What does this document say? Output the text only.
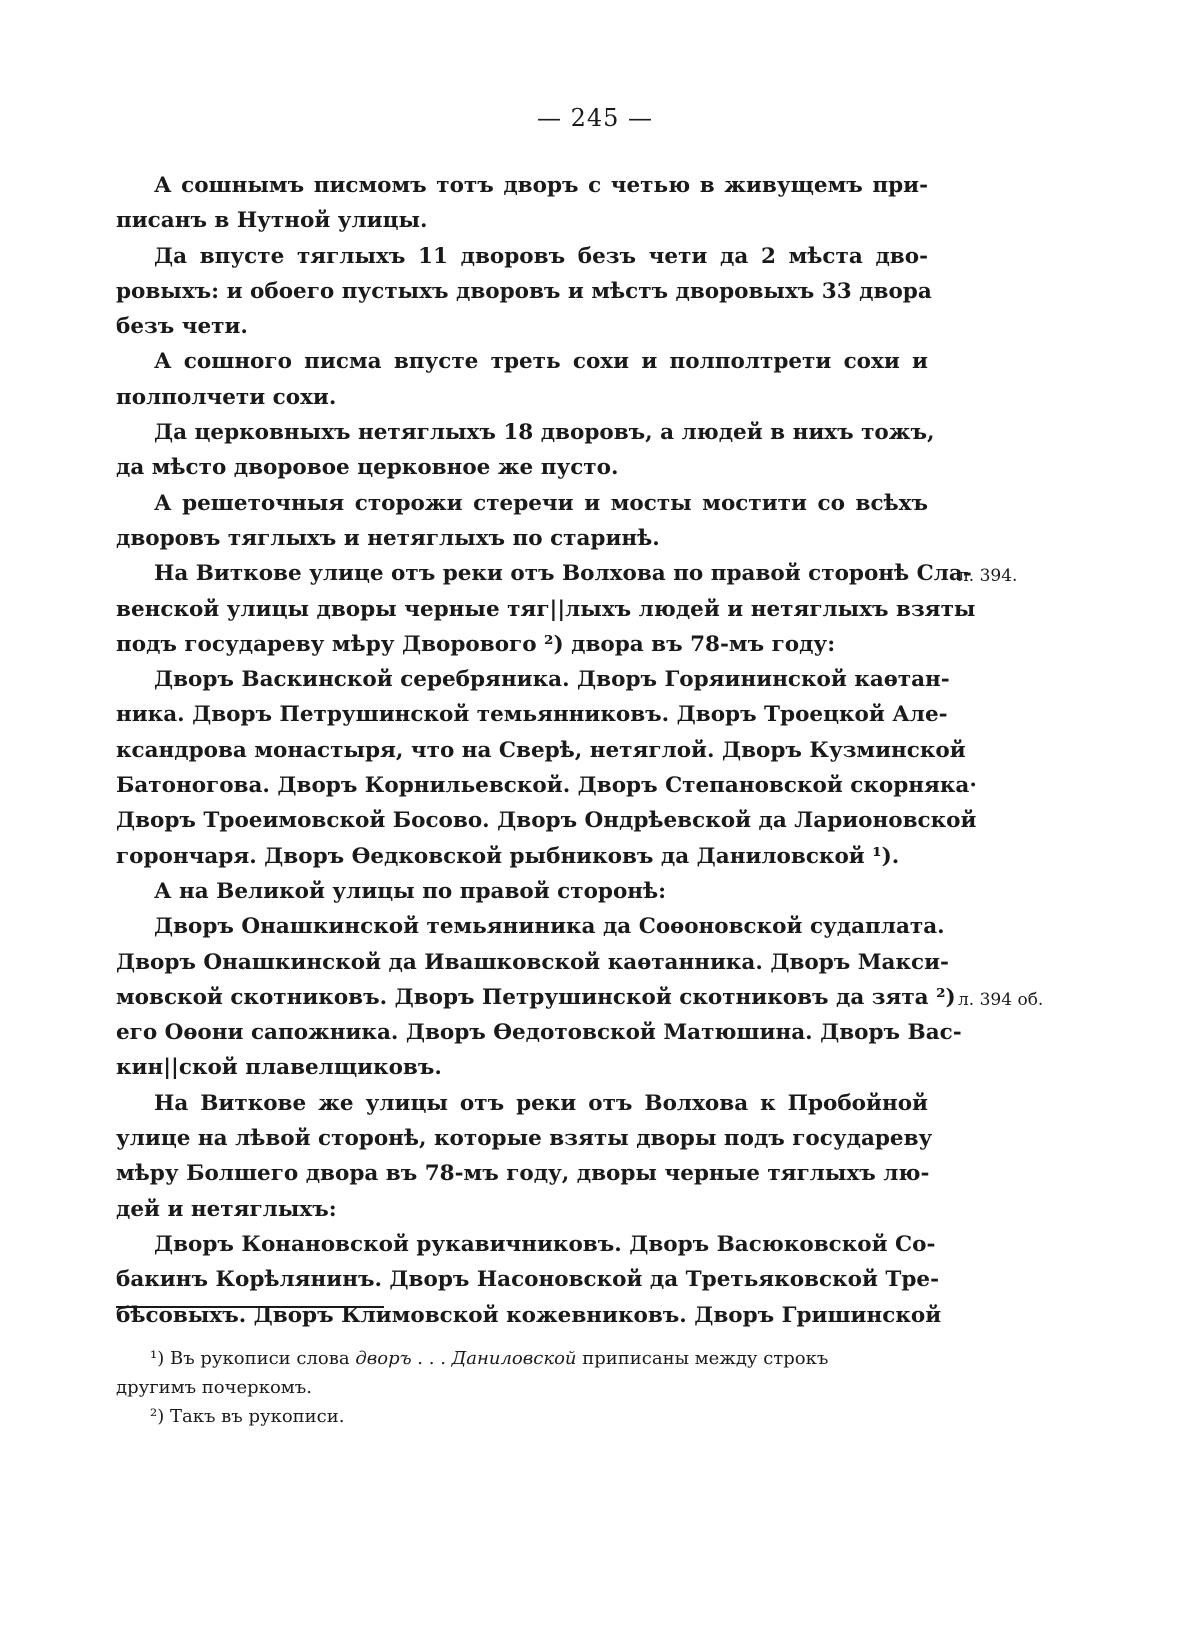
— 245 —
А сошнымъ писмомъ тотъ дворъ с четью в живущемъ при-
писанъ в Нутной улицы.
Да впусте тяглыхъ 11 дворовъ безъ чети да 2 мѣста дво-
ровыхъ: и обоего пустыхъ дворовъ и мѣстъ дворовыхъ 33 двора
безъ чети.
А сошного писма впусте треть сохи и полполтрети сохи и
полполчети сохи.
Да церковныхъ нетяглыхъ 18 дворовъ, а людей в нихъ тожъ,
да мѣсто дворовое церковное же пусто.
А решеточныя сторожи стеречи и мосты мостити со всѣхъ
дворовъ тяглыхъ и нетяглыхъ по старинѣ.
На Витковe улице отъ реки отъ Волхова по правой сторонѣ Сла-
венской улицы дворы черные тяг||лыхъ людей и нетяглыхъ взяты
подъ государеву мѣру Дворового ²) двора въ 78-мъ году:
Дворъ Васкинской серебряника. Дворъ Горяининской каѳтан-
ника. Дворъ Петрушинской темьянниковъ. Дворъ Троецкой Але-
ксандрова монастыря, что на Сверѣ, нетяглой. Дворъ Кузминской
Батоногова. Дворъ Корнильевской. Дворъ Степановской скорняка·
Дворъ Троеимовской Босово. Дворъ Ондрѣевской да Ларионовской
горончаря. Дворъ Ѳедковской рыбниковъ да Даниловской ¹).
А на Великой улицы по правой сторонѣ:
Дворъ Онашкинской темьяниника да Соѳоновской судаплата.
Дворъ Онашкинской да Ивашковской каѳтанника. Дворъ Макси-
мовской скотниковъ. Дворъ Петрушинской скотниковъ да зята ²)
его Оѳони сапожника. Дворъ Ѳедотовской Матюшина. Дворъ Вас-
кин||ской плавелщиковъ.
На Витковe же улицы отъ реки отъ Волхова к Пробойной
улице на лѣвой сторонѣ, которые взяты дворы подъ государеву
мѣру Болшего двора въ 78-мъ году, дворы черные тяглыхъ лю-
дей и нетяглыхъ:
Дворъ Конановской рукавичниковъ. Дворъ Васюковской Со-
бакинъ Корѣлянинъ. Дворъ Насоновской да Третьяковской Тре-
бѣсовыхъ. Дворъ Климовской кожевниковъ. Дворъ Гришинской
л. 394.
л. 394 об.
¹) Въ рукописи слова дворъ . . . Даниловской приписаны между строкъ
другимъ почеркомъ.
²) Такъ въ рукописи.
